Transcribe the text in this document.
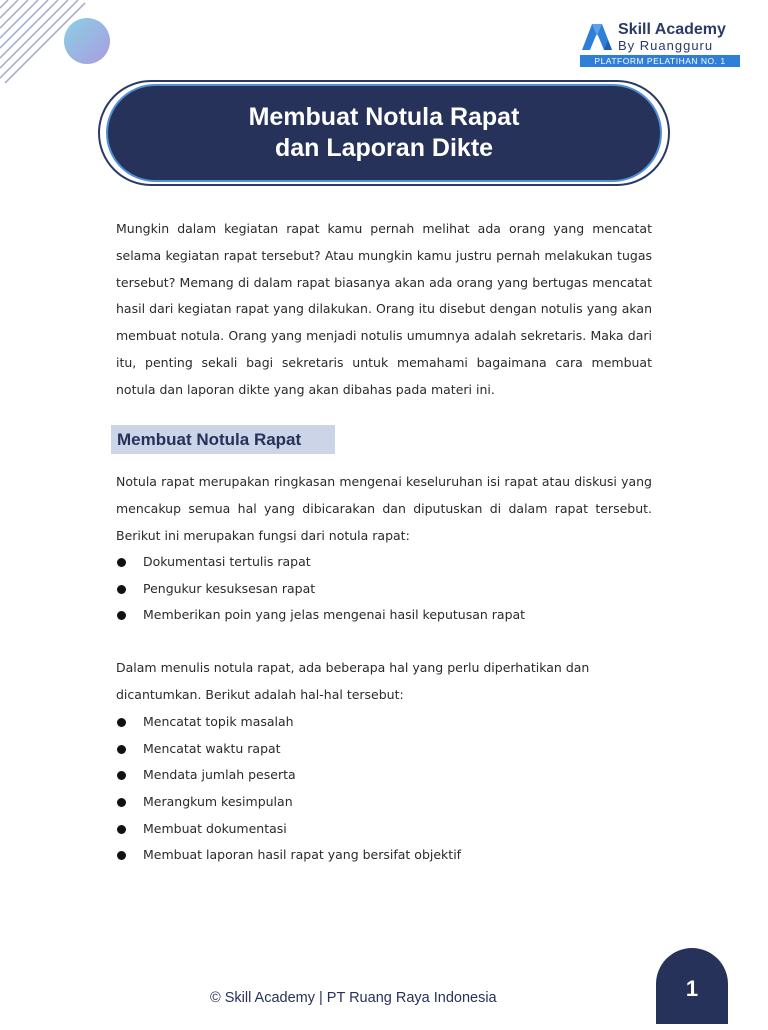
Skill Academy
By Ruangguru
PLATFORM PELATIHAN NO. 1
Membuat Notula Rapat
dan Laporan Dikte

Mungkin dalam kegiatan rapat kamu pernah melihat ada orang yang mencatat selama kegiatan rapat tersebut? Atau mungkin kamu justru pernah melakukan tugas tersebut? Memang di dalam rapat biasanya akan ada orang yang bertugas mencatat hasil dari kegiatan rapat yang dilakukan. Orang itu disebut dengan notulis yang akan membuat notula. Orang yang menjadi notulis umumnya adalah sekretaris. Maka dari itu, penting sekali bagi sekretaris untuk memahami bagaimana cara membuat notula dan laporan dikte yang akan dibahas pada materi ini.

Membuat Notula Rapat

Notula rapat merupakan ringkasan mengenai keseluruhan isi rapat atau diskusi yang mencakup semua hal yang dibicarakan dan diputuskan di dalam rapat tersebut. Berikut ini merupakan fungsi dari notula rapat:

Dokumentasi tertulis rapat
Pengukur kesuksesan rapat
Memberikan poin yang jelas mengenai hasil keputusan rapat

Dalam menulis notula rapat, ada beberapa hal yang perlu diperhatikan dan
dicantumkan. Berikut adalah hal-hal tersebut:

Mencatat topik masalah
Mencatat waktu rapat
Mendata jumlah peserta
Merangkum kesimpulan
Membuat dokumentasi
Membuat laporan hasil rapat yang bersifat objektif
© Skill Academy | PT Ruang Raya Indonesia	1
